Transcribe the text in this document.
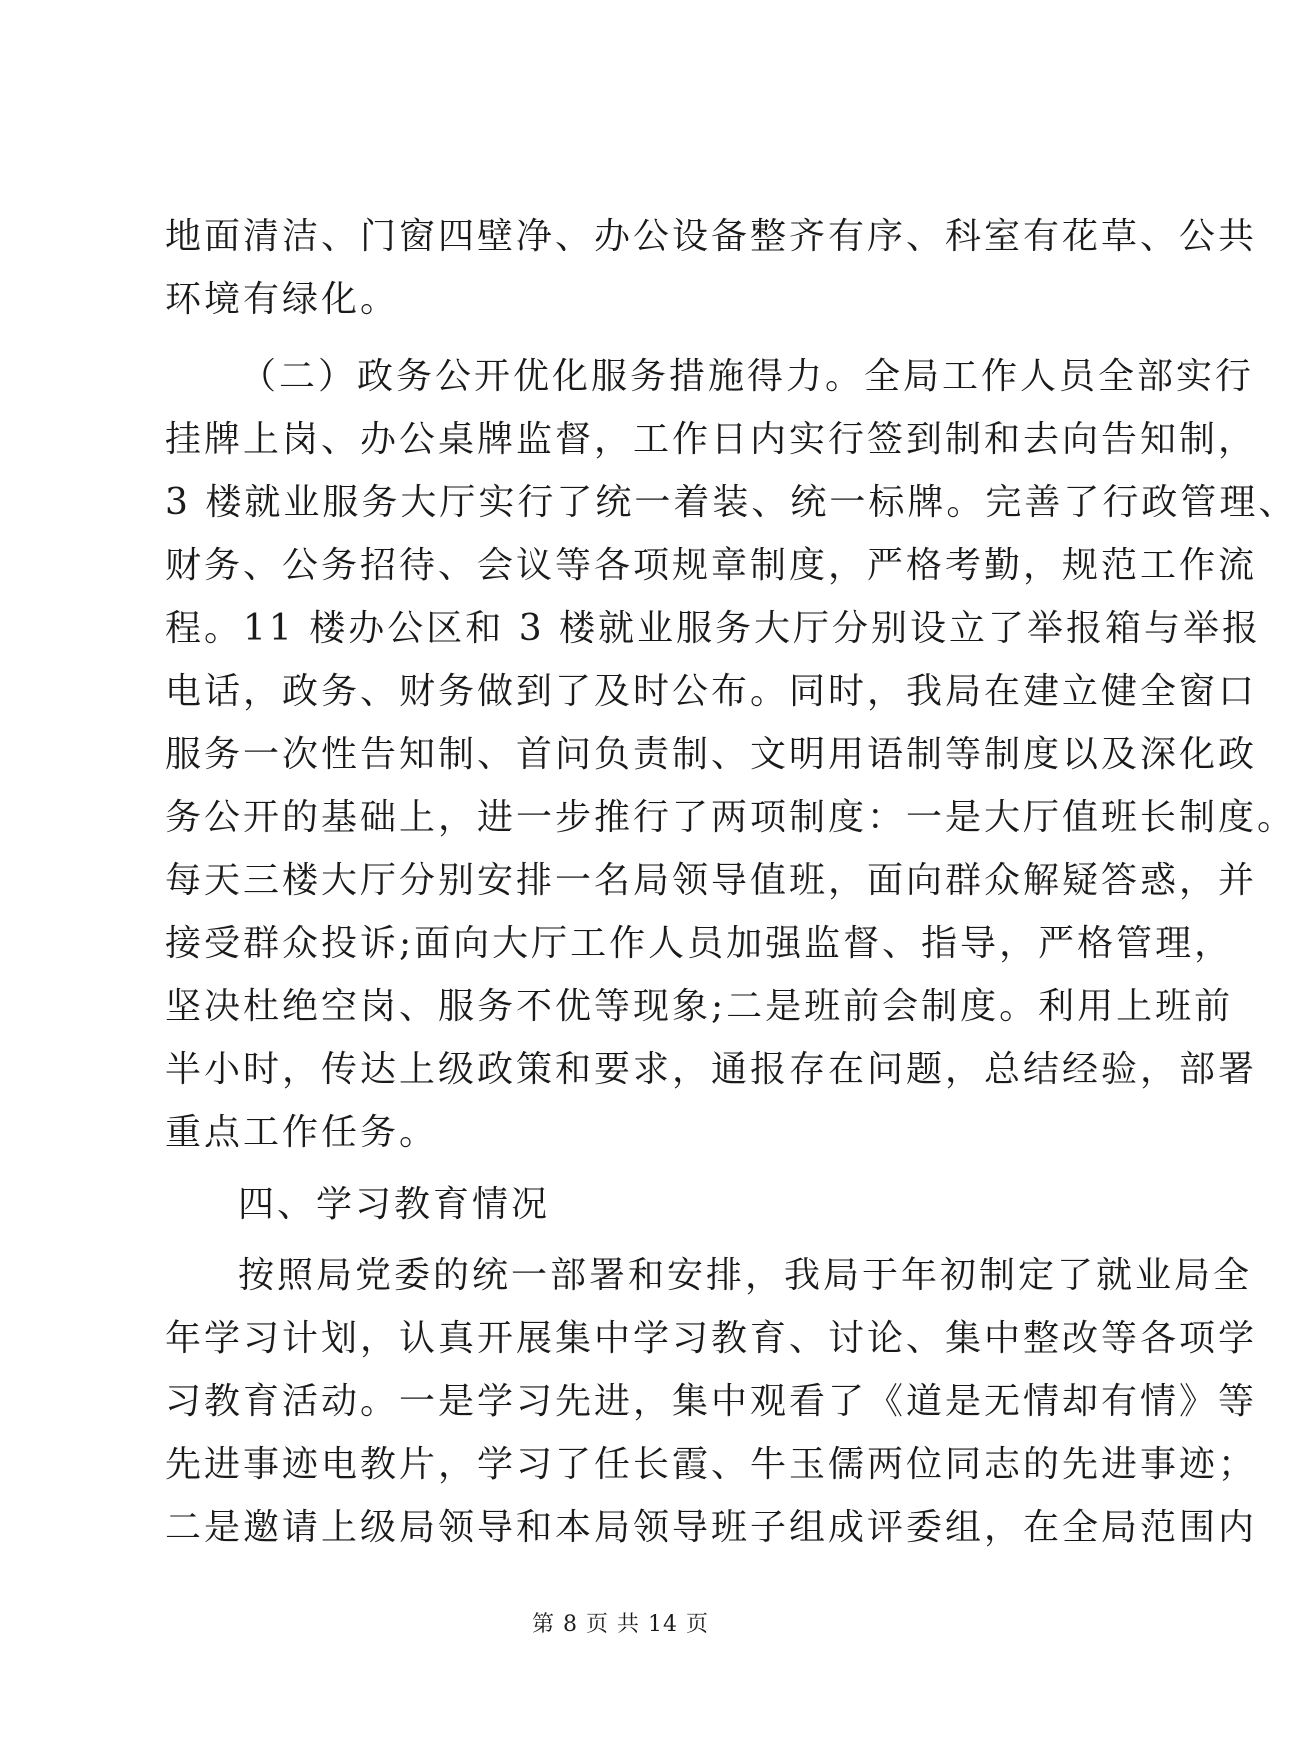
地面清洁、门窗四壁净、办公设备整齐有序、科室有花草、公共
环境有绿化。
（二）政务公开优化服务措施得力。全局工作人员全部实行
挂牌上岗、办公桌牌监督，工作日内实行签到制和去向告知制，
3 楼就业服务大厅实行了统一着装、统一标牌。完善了行政管理、
财务、公务招待、会议等各项规章制度，严格考勤，规范工作流
程。11 楼办公区和 3 楼就业服务大厅分别设立了举报箱与举报
电话，政务、财务做到了及时公布。同时，我局在建立健全窗口
服务一次性告知制、首问负责制、文明用语制等制度以及深化政
务公开的基础上，进一步推行了两项制度：一是大厅值班长制度。
每天三楼大厅分别安排一名局领导值班，面向群众解疑答惑，并
接受群众投诉;面向大厅工作人员加强监督、指导，严格管理，
坚决杜绝空岗、服务不优等现象;二是班前会制度。利用上班前
半小时，传达上级政策和要求，通报存在问题，总结经验，部署
重点工作任务。
四、学习教育情况
按照局党委的统一部署和安排，我局于年初制定了就业局全
年学习计划，认真开展集中学习教育、讨论、集中整改等各项学
习教育活动。一是学习先进，集中观看了《道是无情却有情》等
先进事迹电教片，学习了任长霞、牛玉儒两位同志的先进事迹；
二是邀请上级局领导和本局领导班子组成评委组，在全局范围内
第 8 页 共 14 页
